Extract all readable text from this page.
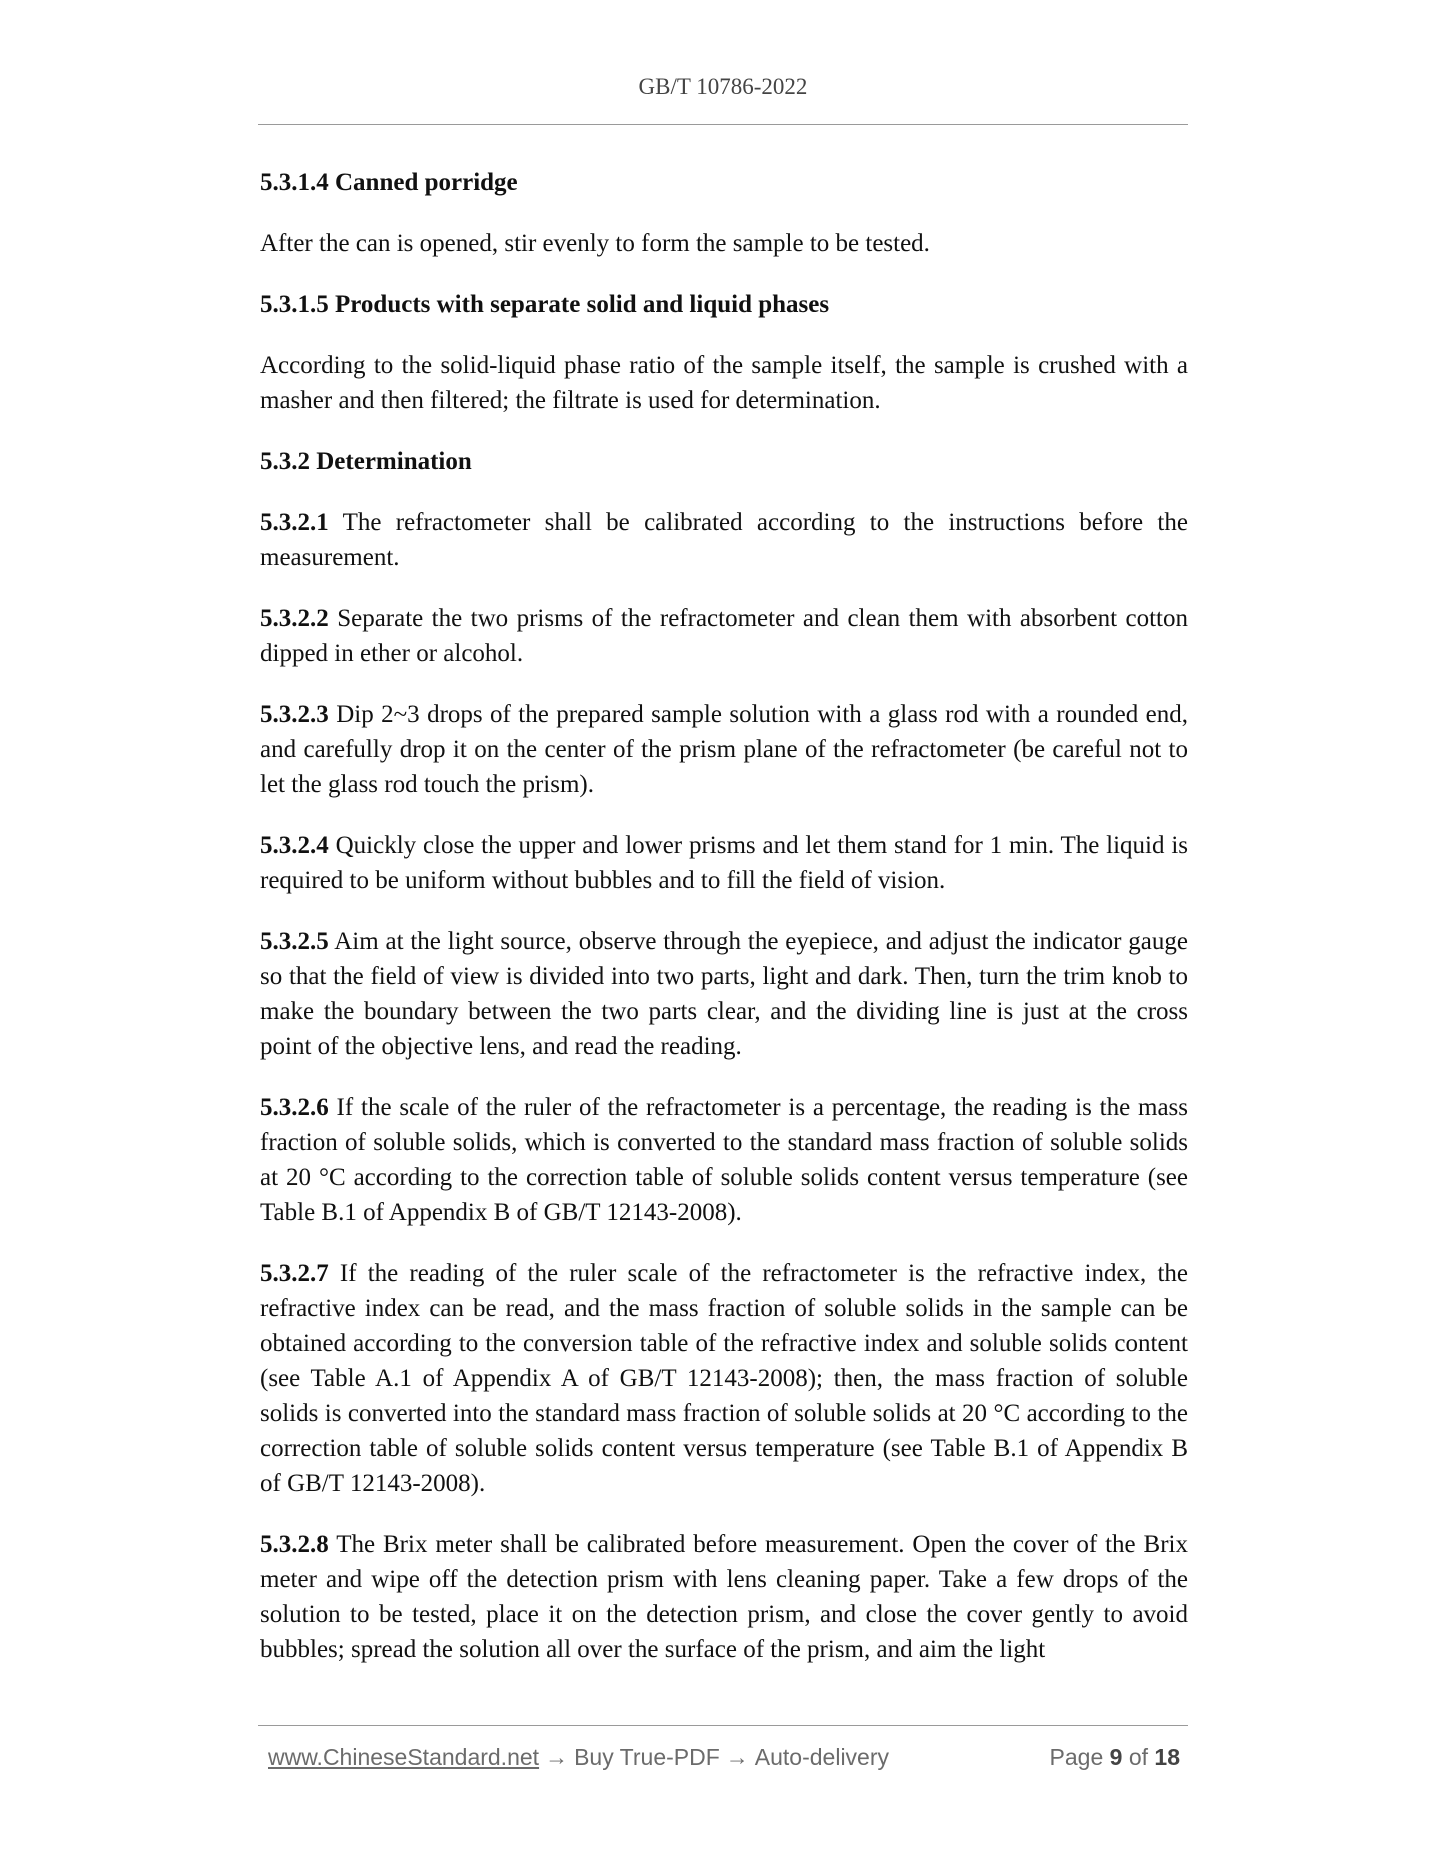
GB/T 10786-2022
5.3.1.4 Canned porridge

After the can is opened, stir evenly to form the sample to be tested.

5.3.1.5 Products with separate solid and liquid phases

According to the solid-liquid phase ratio of the sample itself, the sample is crushed with a masher and then filtered; the filtrate is used for determination.

5.3.2 Determination

5.3.2.1 The refractometer shall be calibrated according to the instructions before the measurement.

5.3.2.2 Separate the two prisms of the refractometer and clean them with absorbent cotton dipped in ether or alcohol.

5.3.2.3 Dip 2~3 drops of the prepared sample solution with a glass rod with a rounded end, and carefully drop it on the center of the prism plane of the refractometer (be careful not to let the glass rod touch the prism).

5.3.2.4 Quickly close the upper and lower prisms and let them stand for 1 min. The liquid is required to be uniform without bubbles and to fill the field of vision.

5.3.2.5 Aim at the light source, observe through the eyepiece, and adjust the indicator gauge so that the field of view is divided into two parts, light and dark. Then, turn the trim knob to make the boundary between the two parts clear, and the dividing line is just at the cross point of the objective lens, and read the reading.

5.3.2.6 If the scale of the ruler of the refractometer is a percentage, the reading is the mass fraction of soluble solids, which is converted to the standard mass fraction of soluble solids at 20 °C according to the correction table of soluble solids content versus temperature (see Table B.1 of Appendix B of GB/T 12143-2008).

5.3.2.7 If the reading of the ruler scale of the refractometer is the refractive index, the refractive index can be read, and the mass fraction of soluble solids in the sample can be obtained according to the conversion table of the refractive index and soluble solids content (see Table A.1 of Appendix A of GB/T 12143-2008); then, the mass fraction of soluble solids is converted into the standard mass fraction of soluble solids at 20 °C according to the correction table of soluble solids content versus temperature (see Table B.1 of Appendix B of GB/T 12143-2008).

5.3.2.8 The Brix meter shall be calibrated before measurement. Open the cover of the Brix meter and wipe off the detection prism with lens cleaning paper. Take a few drops of the solution to be tested, place it on the detection prism, and close the cover gently to avoid bubbles; spread the solution all over the surface of the prism, and aim the light

www.ChineseStandard.net → Buy True-PDF → Auto-delivery	Page 9 of 18
